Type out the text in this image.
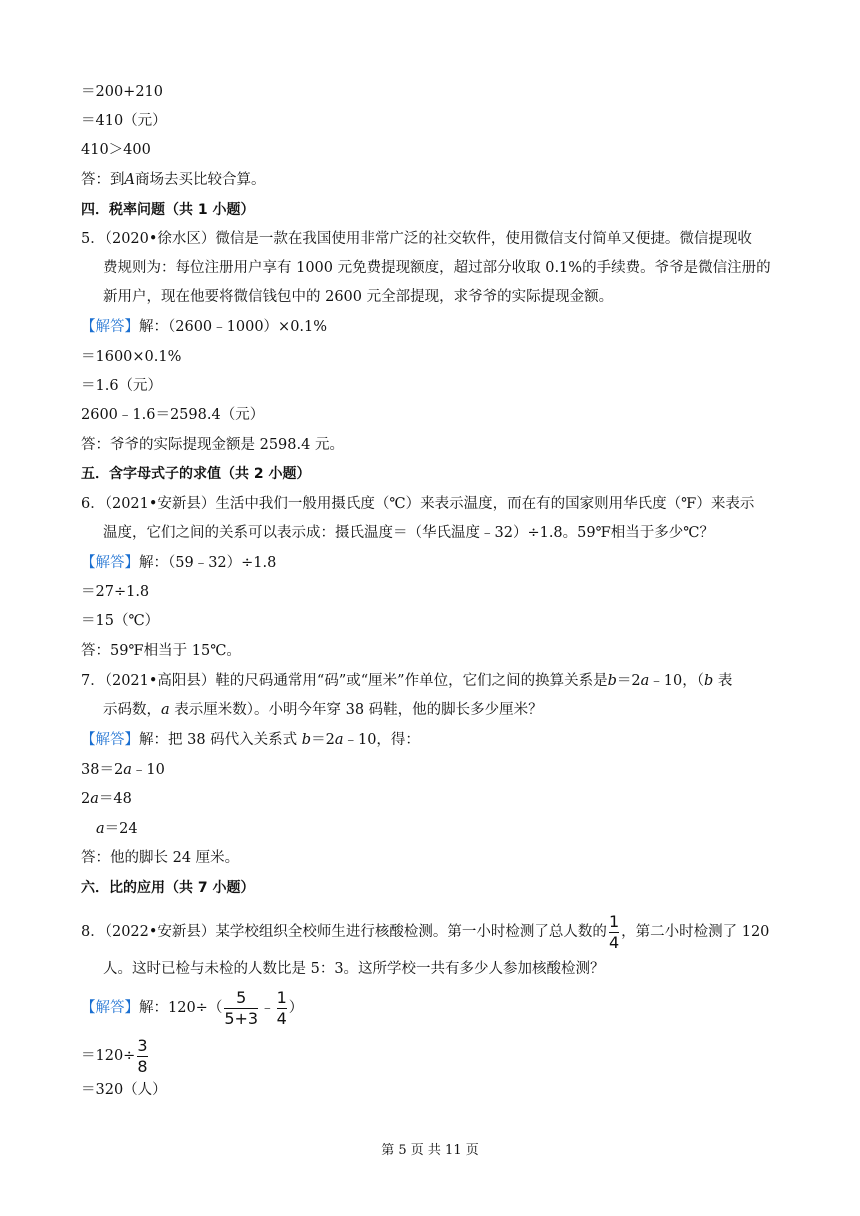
＝200+210
＝410（元）
410＞400
答：到A商场去买比较合算。
四．税率问题（共 1 小题）
5．（2020•徐水区）微信是一款在我国使用非常广泛的社交软件，使用微信支付简单又便捷。微信提现收
费规则为：每位注册用户享有 1000 元免费提现额度，超过部分收取 0.1%的手续费。爷爷是微信注册的
新用户，现在他要将微信钱包中的 2600 元全部提现，求爷爷的实际提现金额。
【解答】解：（2600﹣1000）×0.1%
＝1600×0.1%
＝1.6（元）
2600﹣1.6＝2598.4（元）
答：爷爷的实际提现金额是 2598.4 元。
五．含字母式子的求值（共 2 小题）
6．（2021•安新县）生活中我们一般用摄氏度（℃）来表示温度，而在有的国家则用华氏度（℉）来表示
温度，它们之间的关系可以表示成：摄氏温度＝（华氏温度﹣32）÷1.8。59℉相当于多少℃？
【解答】解：（59﹣32）÷1.8
＝27÷1.8
＝15（℃）
答：59℉相当于 15℃。
7．（2021•高阳县）鞋的尺码通常用“码”或“厘米”作单位，它们之间的换算关系是b＝2a﹣10，（b 表
示码数，a 表示厘米数）。小明今年穿 38 码鞋，他的脚长多少厘米？
【解答】解：把 38 码代入关系式 b＝2a﹣10，得：
38＝2a﹣10
2a＝48
a＝24
答：他的脚长 24 厘米。
六．比的应用（共 7 小题）
8．（2022•安新县）某学校组织全校师生进行核酸检测。第一小时检测了总人数的 $\frac{1}{4}$ ，第二小时检测了 120
人。这时已检与未检的人数比是 5：3。这所学校一共有多少人参加核酸检测？
【解答】 解：$120\div( \frac{5}{5+3}$ ﹣ $\frac{1}{4}$ ）
$=120\div \frac{3}{8}$
＝320（人）
第 5 页 共 11 页
